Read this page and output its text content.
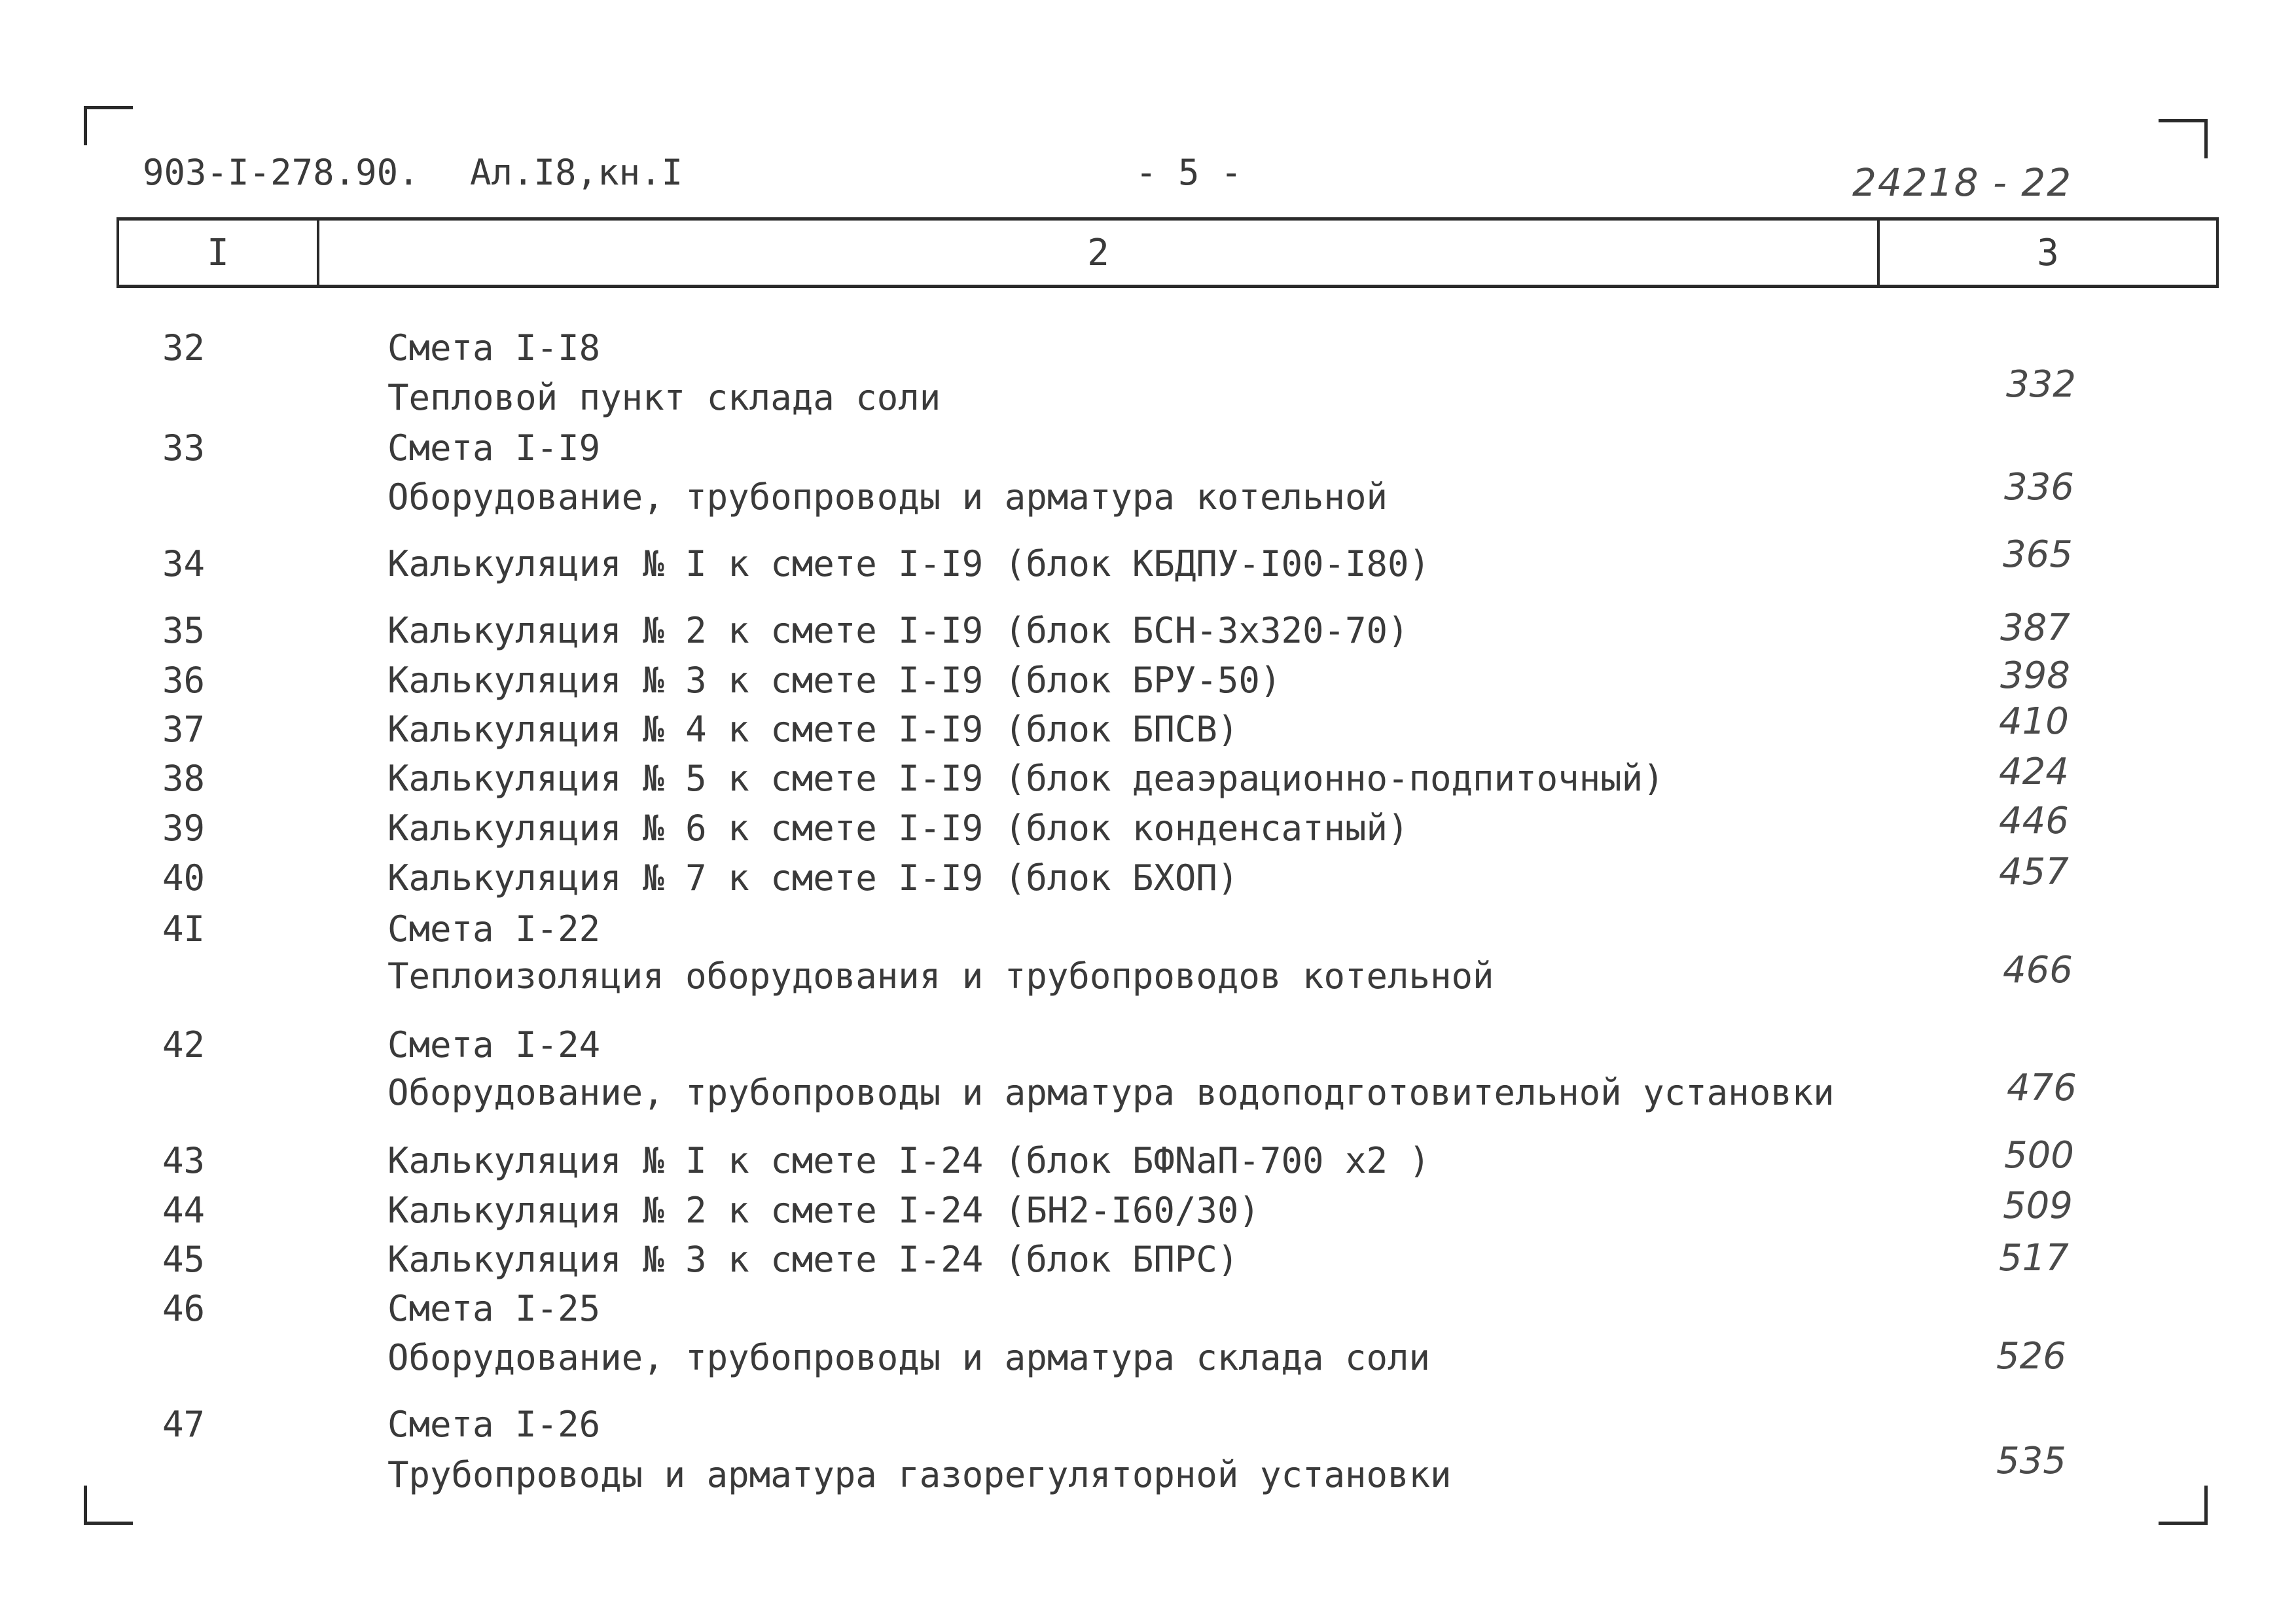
903-I-278.90. Ал.I8,кн.I	- 5 -	24218 - 22
I	2	3
32	Смета I-I8
Тепловой пункт склада соли	332
33	Смета I-I9
Оборудование, трубопроводы и арматура котельной	336
34	Калькуляция № I к смете I-I9 (блок КБДПУ-I00-I80)	365
35	Калькуляция № 2 к смете I-I9 (блок БСН-3х320-70)	387
36	Калькуляция № 3 к смете I-I9 (блок БРУ-50)	398
37	Калькуляция № 4 к смете I-I9 (блок БПСВ)	410
38	Калькуляция № 5 к смете I-I9 (блок деаэрационно-подпиточный)	424
39	Калькуляция № 6 к смете I-I9 (блок конденсатный)	446
40	Калькуляция № 7 к смете I-I9 (блок БХОП)	457
4I	Смета I-22
Теплоизоляция оборудования и трубопроводов котельной	466
42	Смета I-24
Оборудование, трубопроводы и арматура водоподготовительной установки	476
43	Калькуляция № I к смете I-24 (блок БФNaП-700 х2 )	500
44	Калькуляция № 2 к смете I-24 (БН2-I60/30)	509
45	Калькуляция № 3 к смете I-24 (блок БПРС)	517
46	Смета I-25
Оборудование, трубопроводы и арматура склада соли	526
47	Смета I-26
Трубопроводы и арматура газорегуляторной установки	535
